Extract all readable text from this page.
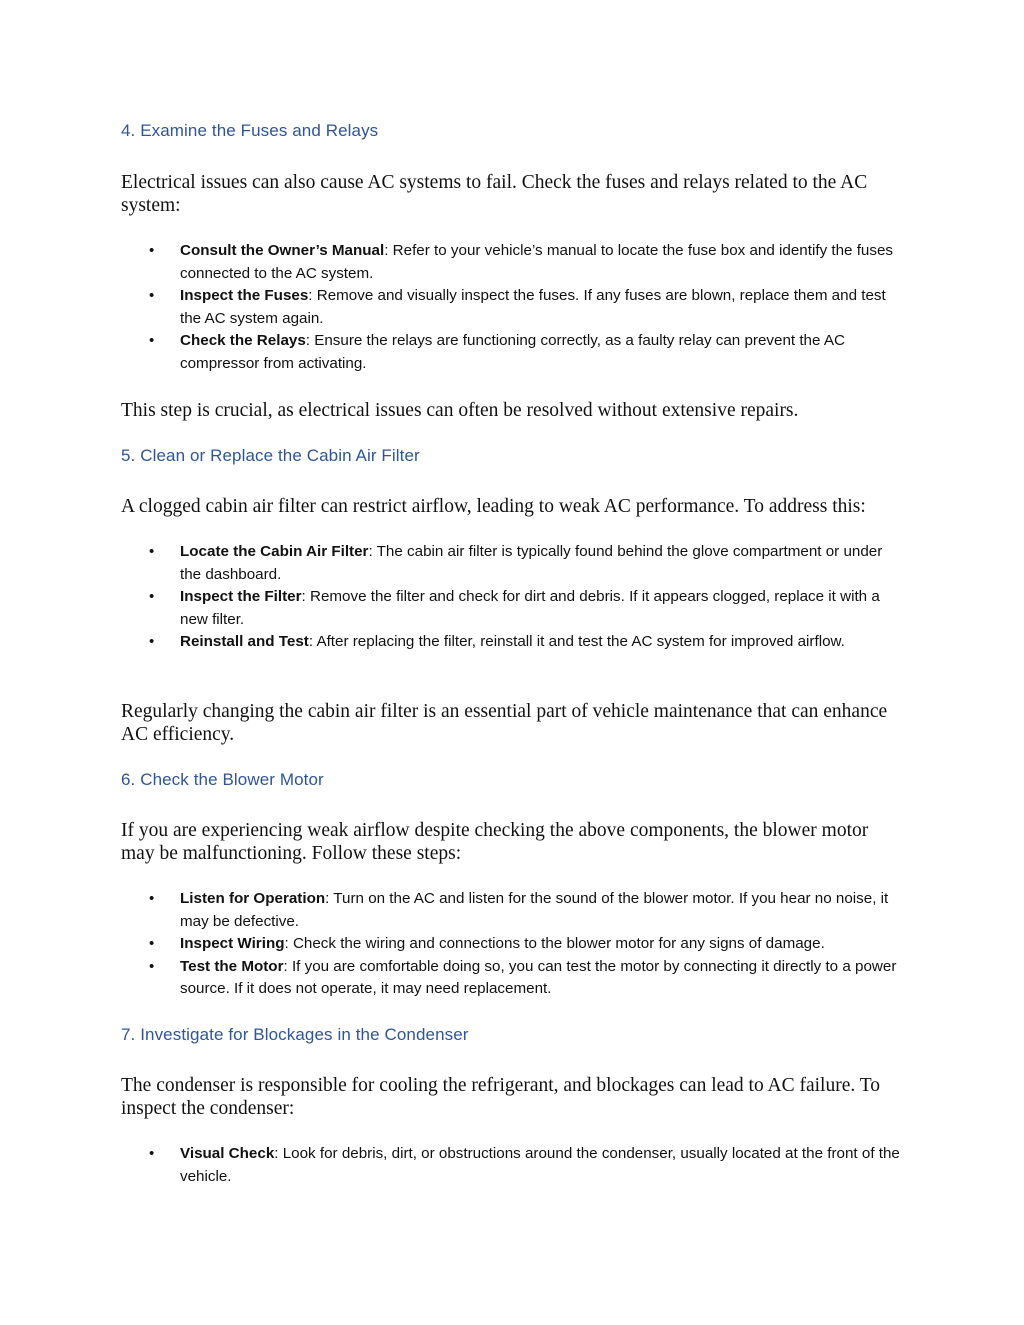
4. Examine the Fuses and Relays
Electrical issues can also cause AC systems to fail. Check the fuses and relays related to the AC system:
• Consult the Owner’s Manual: Refer to your vehicle’s manual to locate the fuse box and identify the fuses connected to the AC system.
• Inspect the Fuses: Remove and visually inspect the fuses. If any fuses are blown, replace them and test the AC system again.
• Check the Relays: Ensure the relays are functioning correctly, as a faulty relay can prevent the AC compressor from activating.
This step is crucial, as electrical issues can often be resolved without extensive repairs.
5. Clean or Replace the Cabin Air Filter
A clogged cabin air filter can restrict airflow, leading to weak AC performance. To address this:
• Locate the Cabin Air Filter: The cabin air filter is typically found behind the glove compartment or under the dashboard.
• Inspect the Filter: Remove the filter and check for dirt and debris. If it appears clogged, replace it with a new filter.
• Reinstall and Test: After replacing the filter, reinstall it and test the AC system for improved airflow.
Regularly changing the cabin air filter is an essential part of vehicle maintenance that can enhance AC efficiency.
6. Check the Blower Motor
If you are experiencing weak airflow despite checking the above components, the blower motor may be malfunctioning. Follow these steps:
• Listen for Operation: Turn on the AC and listen for the sound of the blower motor. If you hear no noise, it may be defective.
• Inspect Wiring: Check the wiring and connections to the blower motor for any signs of damage.
• Test the Motor: If you are comfortable doing so, you can test the motor by connecting it directly to a power source. If it does not operate, it may need replacement.
7. Investigate for Blockages in the Condenser
The condenser is responsible for cooling the refrigerant, and blockages can lead to AC failure. To inspect the condenser:
• Visual Check: Look for debris, dirt, or obstructions around the condenser, usually located at the front of the vehicle.
